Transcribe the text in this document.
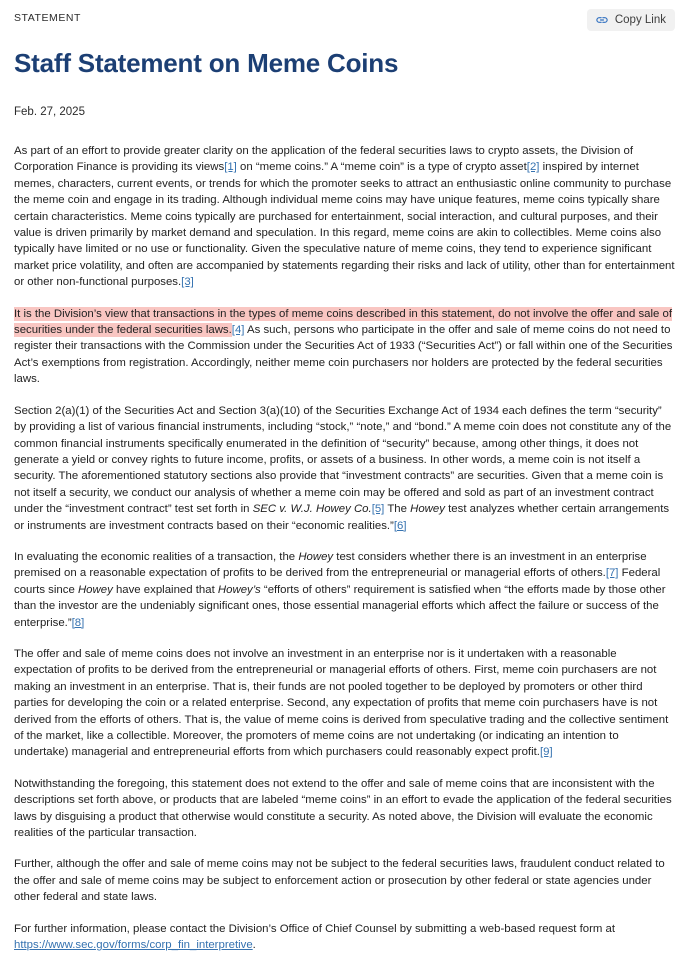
STATEMENT	Copy Link
Staff Statement on Meme Coins
Feb. 27, 2025

As part of an effort to provide greater clarity on the application of the federal securities laws to crypto assets, the Division of Corporation Finance is providing its views[1] on “meme coins.” A “meme coin” is a type of crypto asset[2] inspired by internet memes, characters, current events, or trends for which the promoter seeks to attract an enthusiastic online community to purchase the meme coin and engage in its trading. Although individual meme coins may have unique features, meme coins typically share certain characteristics. Meme coins typically are purchased for entertainment, social interaction, and cultural purposes, and their value is driven primarily by market demand and speculation. In this regard, meme coins are akin to collectibles. Meme coins also typically have limited or no use or functionality. Given the speculative nature of meme coins, they tend to experience significant market price volatility, and often are accompanied by statements regarding their risks and lack of utility, other than for entertainment or other non-functional purposes.[3]

It is the Division’s view that transactions in the types of meme coins described in this statement, do not involve the offer and sale of securities under the federal securities laws.[4] As such, persons who participate in the offer and sale of meme coins do not need to register their transactions with the Commission under the Securities Act of 1933 (“Securities Act”) or fall within one of the Securities Act’s exemptions from registration. Accordingly, neither meme coin purchasers nor holders are protected by the federal securities laws.

Section 2(a)(1) of the Securities Act and Section 3(a)(10) of the Securities Exchange Act of 1934 each defines the term “security” by providing a list of various financial instruments, including “stock,” “note,” and “bond.” A meme coin does not constitute any of the common financial instruments specifically enumerated in the definition of “security” because, among other things, it does not generate a yield or convey rights to future income, profits, or assets of a business. In other words, a meme coin is not itself a security. The aforementioned statutory sections also provide that “investment contracts” are securities. Given that a meme coin is not itself a security, we conduct our analysis of whether a meme coin may be offered and sold as part of an investment contract under the “investment contract” test set forth in SEC v. W.J. Howey Co.[5] The Howey test analyzes whether certain arrangements or instruments are investment contracts based on their “economic realities.”[6]

In evaluating the economic realities of a transaction, the Howey test considers whether there is an investment in an enterprise premised on a reasonable expectation of profits to be derived from the entrepreneurial or managerial efforts of others.[7] Federal courts since Howey have explained that Howey’s “efforts of others” requirement is satisfied when “the efforts made by those other than the investor are the undeniably significant ones, those essential managerial efforts which affect the failure or success of the enterprise.”[8]

The offer and sale of meme coins does not involve an investment in an enterprise nor is it undertaken with a reasonable expectation of profits to be derived from the entrepreneurial or managerial efforts of others. First, meme coin purchasers are not making an investment in an enterprise. That is, their funds are not pooled together to be deployed by promoters or other third parties for developing the coin or a related enterprise. Second, any expectation of profits that meme coin purchasers have is not derived from the efforts of others. That is, the value of meme coins is derived from speculative trading and the collective sentiment of the market, like a collectible. Moreover, the promoters of meme coins are not undertaking (or indicating an intention to undertake) managerial and entrepreneurial efforts from which purchasers could reasonably expect profit.[9]

Notwithstanding the foregoing, this statement does not extend to the offer and sale of meme coins that are inconsistent with the descriptions set forth above, or products that are labeled “meme coins” in an effort to evade the application of the federal securities laws by disguising a product that otherwise would constitute a security. As noted above, the Division will evaluate the economic realities of the particular transaction.

Further, although the offer and sale of meme coins may not be subject to the federal securities laws, fraudulent conduct related to the offer and sale of meme coins may be subject to enforcement action or prosecution by other federal or state agencies under other federal and state laws.

For further information, please contact the Division’s Office of Chief Counsel by submitting a web-based request form at https://www.sec.gov/forms/corp_fin_interpretive.
